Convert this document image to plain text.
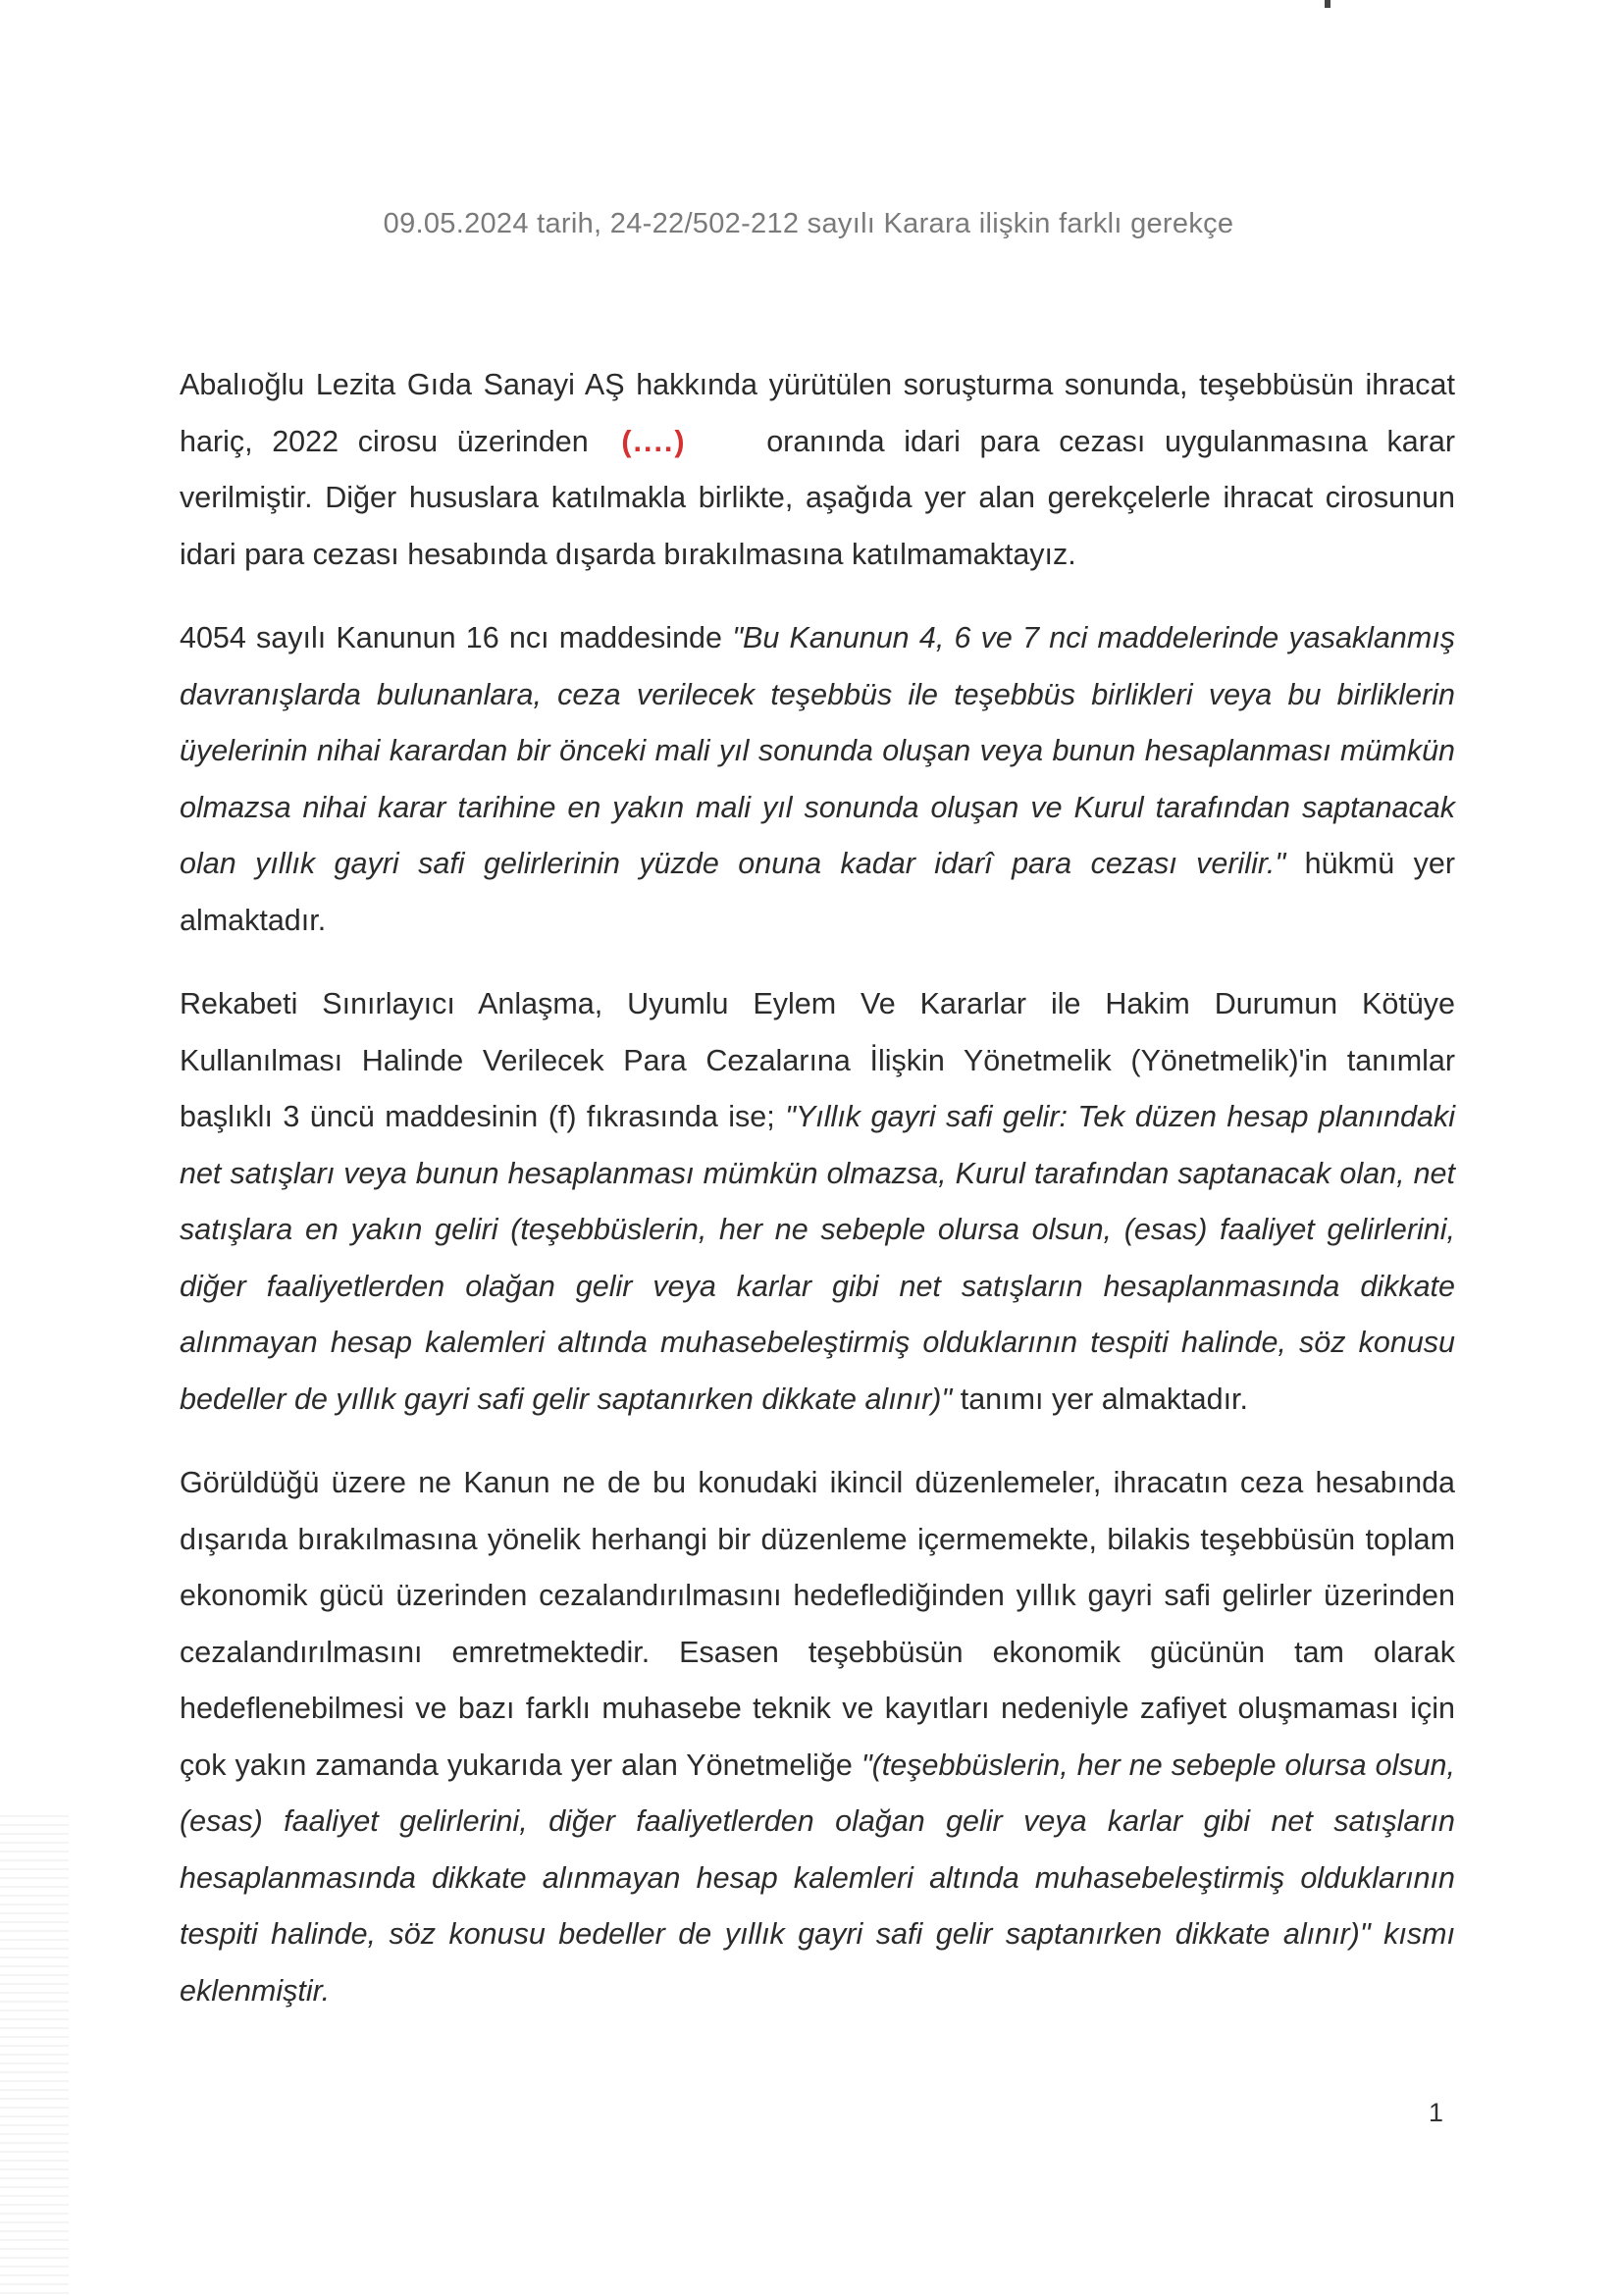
09.05.2024 tarih, 24-22/502-212 sayılı Karara ilişkin farklı gerekçe

Abalıoğlu Lezita Gıda Sanayi AŞ hakkında yürütülen soruşturma sonunda, teşebbüsün ihracat hariç, 2022 cirosu üzerinden (....)	oranında idari para cezası uygulanmasına karar verilmiştir. Diğer hususlara katılmakla birlikte, aşağıda yer alan gerekçelerle ihracat cirosunun idari para cezası hesabında dışarda bırakılmasına katılmamaktayız.

4054 sayılı Kanunun 16 ncı maddesinde "Bu Kanunun 4, 6 ve 7 nci maddelerinde yasaklanmış davranışlarda bulunanlara, ceza verilecek teşebbüs ile teşebbüs birlikleri veya bu birliklerin üyelerinin nihai karardan bir önceki mali yıl sonunda oluşan veya bunun hesaplanması mümkün olmazsa nihai karar tarihine en yakın mali yıl sonunda oluşan ve Kurul tarafından saptanacak olan yıllık gayri safi gelirlerinin yüzde onuna kadar idarî para cezası verilir." hükmü yer almaktadır.

Rekabeti Sınırlayıcı Anlaşma, Uyumlu Eylem Ve Kararlar ile Hakim Durumun Kötüye Kullanılması Halinde Verilecek Para Cezalarına İlişkin Yönetmelik (Yönetmelik)'in tanımlar başlıklı 3 üncü maddesinin (f) fıkrasında ise; "Yıllık gayri safi gelir: Tek düzen hesap planındaki net satışları veya bunun hesaplanması mümkün olmazsa, Kurul tarafından saptanacak olan, net satışlara en yakın geliri (teşebbüslerin, her ne sebeple olursa olsun, (esas) faaliyet gelirlerini, diğer faaliyetlerden olağan gelir veya karlar gibi net satışların hesaplanmasında dikkate alınmayan hesap kalemleri altında muhasebeleştirmiş olduklarının tespiti halinde, söz konusu bedeller de yıllık gayri safi gelir saptanırken dikkate alınır)" tanımı yer almaktadır.

Görüldüğü üzere ne Kanun ne de bu konudaki ikincil düzenlemeler, ihracatın ceza hesabında dışarıda bırakılmasına yönelik herhangi bir düzenleme içermemekte, bilakis teşebbüsün toplam ekonomik gücü üzerinden cezalandırılmasını hedeflediğinden yıllık gayri safi gelirler üzerinden cezalandırılmasını emretmektedir. Esasen teşebbüsün ekonomik gücünün tam olarak hedeflenebilmesi ve bazı farklı muhasebe teknik ve kayıtları nedeniyle zafiyet oluşmaması için çok yakın zamanda yukarıda yer alan Yönetmeliğe "(teşebbüslerin, her ne sebeple olursa olsun, (esas) faaliyet gelirlerini, diğer faaliyetlerden olağan gelir veya karlar gibi net satışların hesaplanmasında dikkate alınmayan hesap kalemleri altında muhasebeleştirmiş olduklarının tespiti halinde, söz konusu bedeller de yıllık gayri safi gelir saptanırken dikkate alınır)" kısmı eklenmiştir.

1
